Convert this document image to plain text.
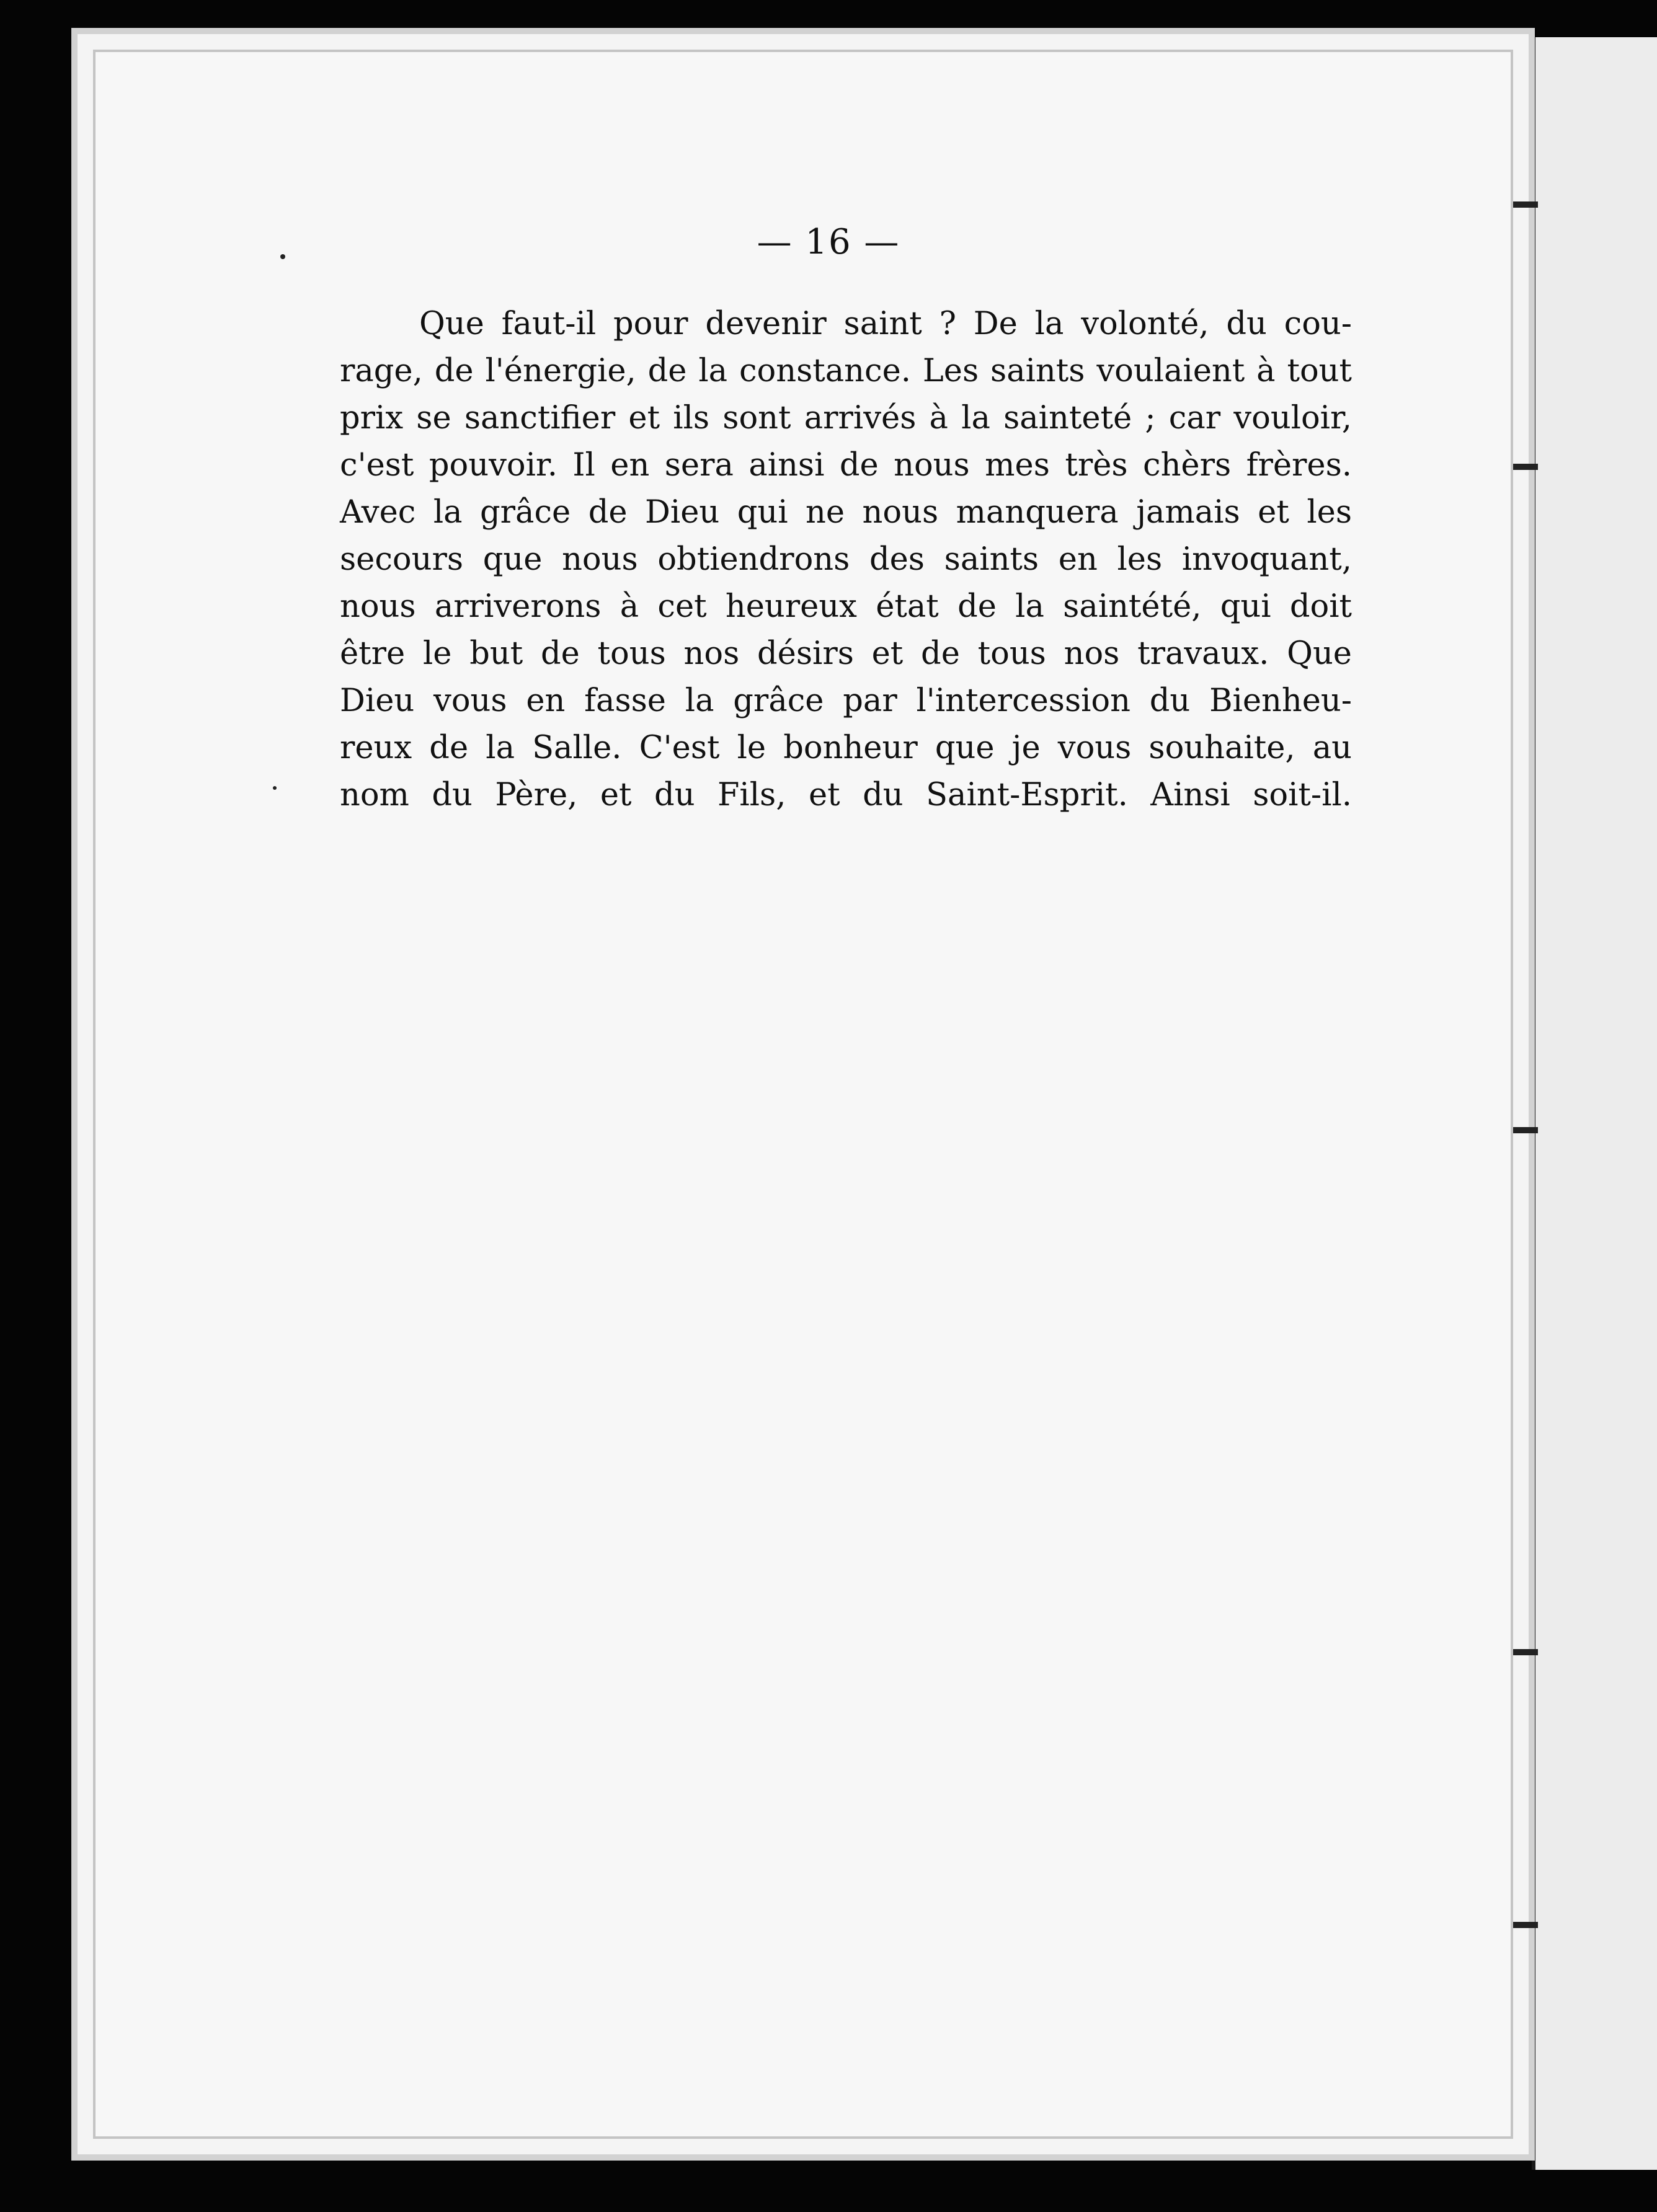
— 16 —
Que faut-il pour devenir saint ? De la volonté, du cou-
rage, de l'énergie, de la constance. Les saints voulaient à tout
prix se sanctifier et ils sont arrivés à la sainteté ; car vouloir,
c'est pouvoir. Il en sera ainsi de nous mes très chèrs frères.
Avec la grâce de Dieu qui ne nous manquera jamais et les
secours que nous obtiendrons des saints en les invoquant,
nous arriverons à cet heureux état de la saintété, qui doit
être le but de tous nos désirs et de tous nos travaux. Que
Dieu vous en fasse la grâce par l'intercession du Bienheu-
reux de la Salle. C'est le bonheur que je vous souhaite, au
nom du Père, et du Fils, et du Saint-Esprit. Ainsi soit-il.
